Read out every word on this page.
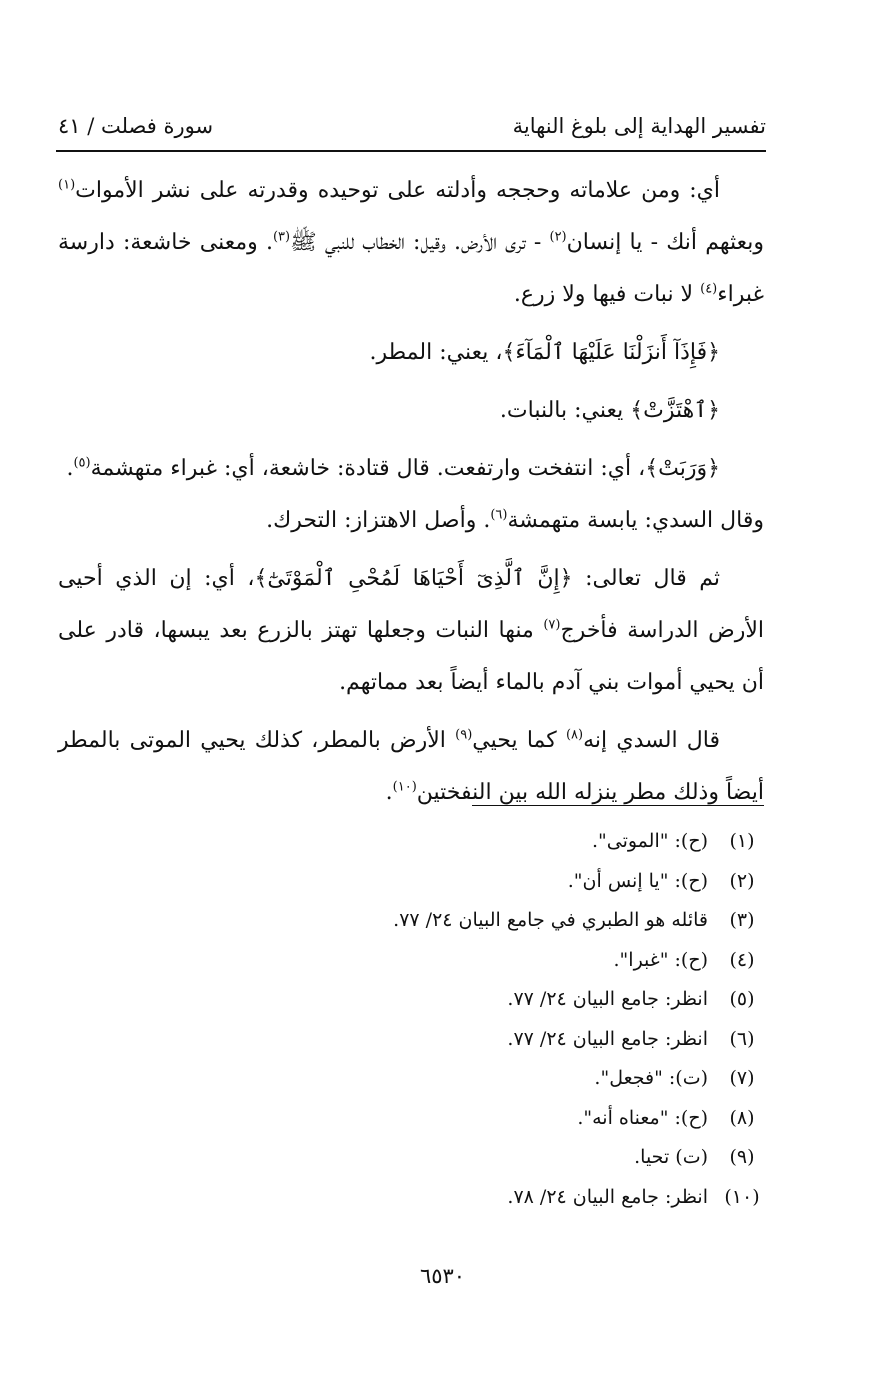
تفسير الهداية إلى بلوغ النهاية
سورة فصلت / ٤١

أي: ومن علاماته وحججه وأدلته على توحيده وقدرته على نشر الأموات$^{(١)}$ وبعثهم أنك - يا إنسان$^{(٢)}$ - ترى الأرض. وقيل: الخطاب للنبي ﷺ$^{(٣)}$. ومعنى خاشعة: دارسة غبراء$^{(٤)}$ لا نبات فيها ولا زرع.

﴿فَإِذَآ أَنزَلْنَا عَلَيْهَا ٱلْمَآءَ﴾، يعني: المطر.

﴿ٱهْتَزَّتْ﴾ يعني: بالنبات.

﴿وَرَبَتْ﴾، أي: انتفخت وارتفعت. قال قتادة: خاشعة، أي: غبراء متهشمة$^{(٥)}$.
وقال السدي: يابسة متهمشة$^{(٦)}$. وأصل الاهتزاز: التحرك.

ثم قال تعالى: ﴿إِنَّ ٱلَّذِىٓ أَحْيَاهَا لَمُحْىِ ٱلْمَوْتَىٰٓ﴾، أي: إن الذي أحيى الأرض الدراسة فأخرج$^{(٧)}$ منها النبات وجعلها تهتز بالزرع بعد يبسها، قادر على أن يحيي أموات بني آدم بالماء أيضاً بعد مماتهم.

قال السدي إنه$^{(٨)}$ كما يحيي$^{(٩)}$ الأرض بالمطر، كذلك يحيي الموتى بالمطر أيضاً وذلك مطر ينزله الله بين النفختين$^{(١٠)}$.

(١)
(ح): "الموتى".
(٢)
(ح): "يا إنس أن".
(٣)
قائله هو الطبري في جامع البيان ٢٤/ ٧٧.
(٤)
(ح): "غبرا".
(٥)
انظر: جامع البيان ٢٤/ ٧٧.
(٦)
انظر: جامع البيان ٢٤/ ٧٧.
(٧)
(ت): "فجعل".
(٨)
(ح): "معناه أنه".
(٩)
(ت) تحيا.
(١٠)
انظر: جامع البيان ٢٤/ ٧٨.
٦٥٣٠
